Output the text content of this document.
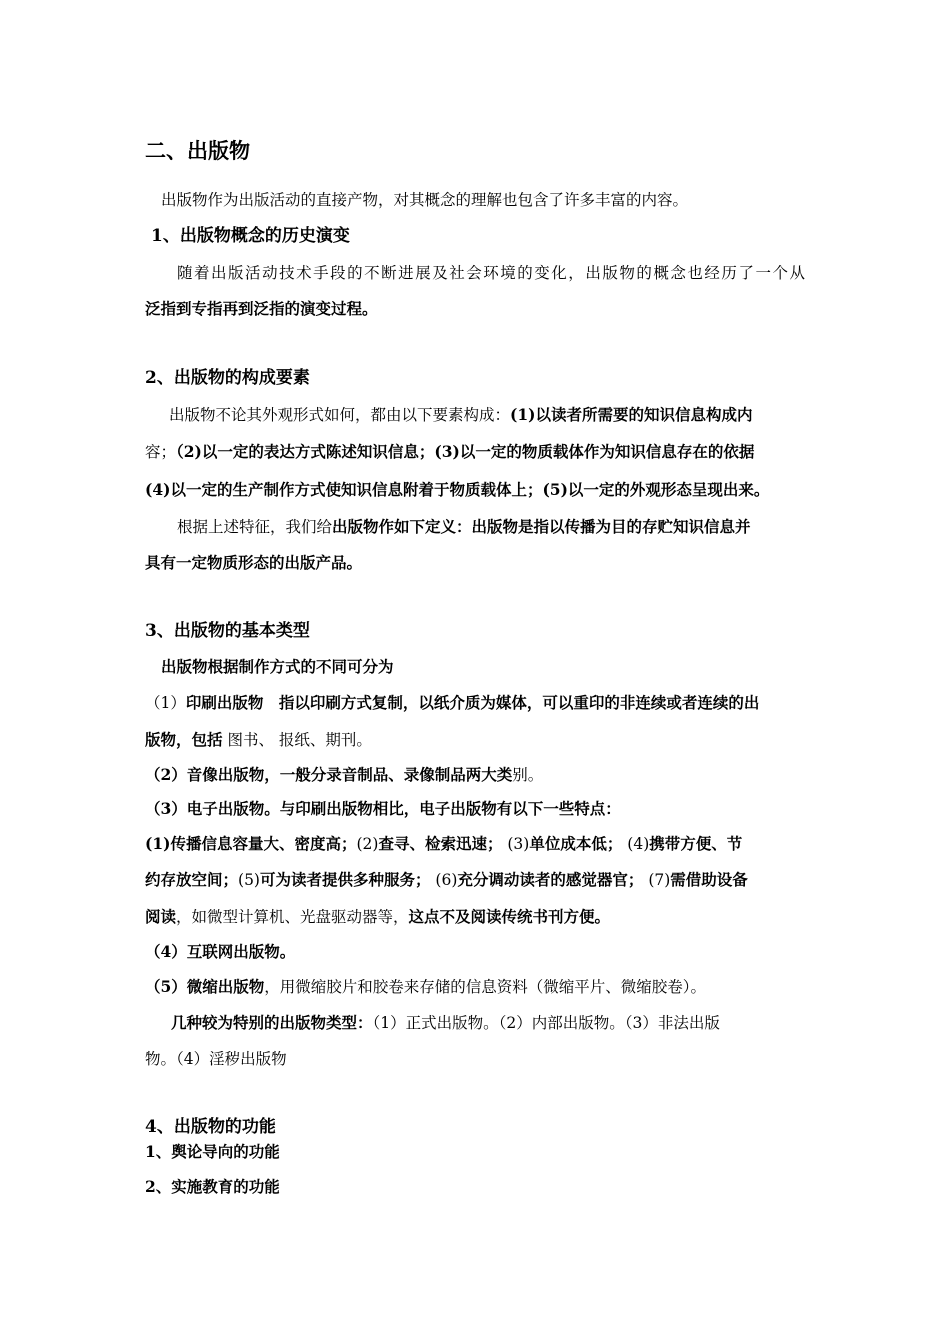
二、出版物
出版物作为出版活动的直接产物，对其概念的理解也包含了许多丰富的内容。
1、出版物概念的历史演变
随着出版活动技术手段的不断进展及社会环境的变化，出版物的概念也经历了一个从
泛指到专指再到泛指的演变过程。
2、出版物的构成要素
出版物不论其外观形式如何，都由以下要素构成：(1)以读者所需要的知识信息构成内
容；（2)以一定的表达方式陈述知识信息；(3)以一定的物质载体作为知识信息存在的依据
(4)以一定的生产制作方式使知识信息附着于物质载体上；(5)以一定的外观形态呈现出来。
根据上述特征，我们给出版物作如下定义：出版物是指以传播为目的存贮知识信息并
具有一定物质形态的出版产品。
3、出版物的基本类型
出版物根据制作方式的不同可分为
（1）印刷出版物　指以印刷方式复制，以纸介质为媒体，可以重印的非连续或者连续的出
版物，包括 图书、 报纸、期刊。
（2）音像出版物，一般分录音制品、录像制品两大类别。
（3）电子出版物。与印刷出版物相比，电子出版物有以下一些特点：
(1)传播信息容量大、密度高；(2)查寻、检索迅速； (3)单位成本低； (4)携带方便、节
约存放空间；(5)可为读者提供多种服务； (6)充分调动读者的感觉器官； (7)需借助设备
阅读，如微型计算机、光盘驱动器等，这点不及阅读传统书刊方便。
（4）互联网出版物。
（5）微缩出版物，用微缩胶片和胶卷来存储的信息资料（微缩平片、微缩胶卷）。
几种较为特别的出版物类型：（1）正式出版物。（2）内部出版物。（3）非法出版
物。（4）淫秽出版物
4、出版物的功能
1、舆论导向的功能
2、实施教育的功能
